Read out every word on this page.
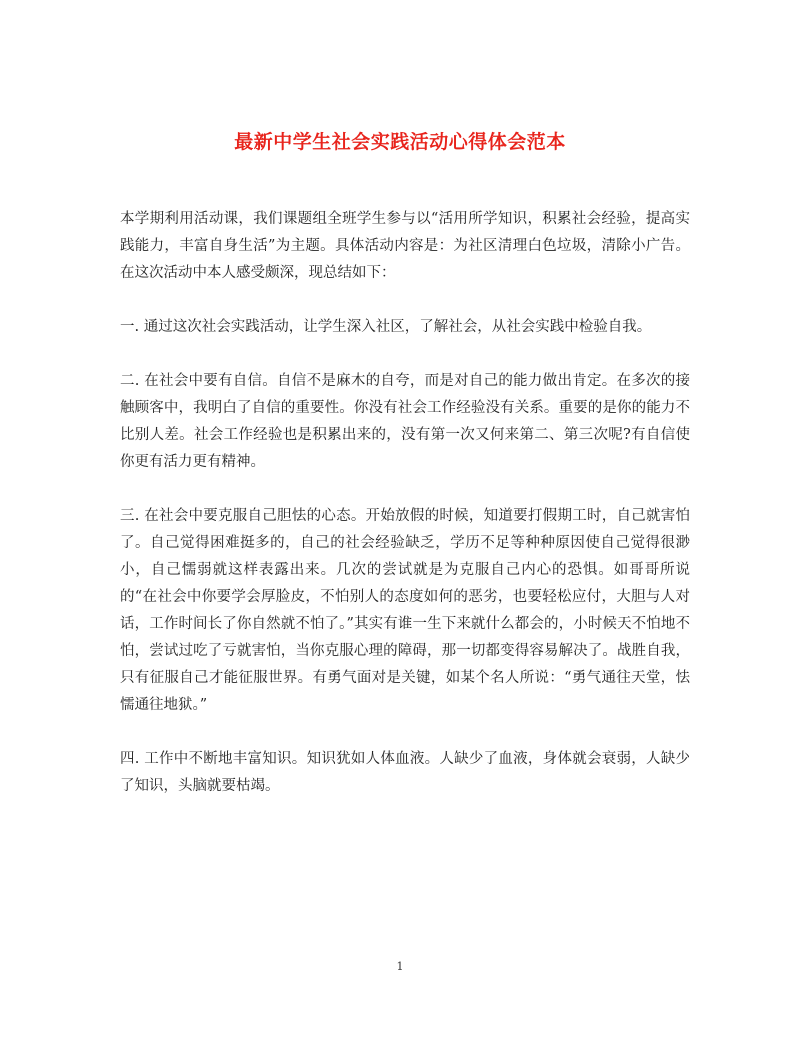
最新中学生社会实践活动心得体会范本

本学期利用活动课，我们课题组全班学生参与以“活用所学知识，积累社会经验，提高实践能力，丰富自身生活”为主题。具体活动内容是：为社区清理白色垃圾，清除小广告。在这次活动中本人感受颇深，现总结如下：

一. 通过这次社会实践活动，让学生深入社区，了解社会，从社会实践中检验自我。

二. 在社会中要有自信。自信不是麻木的自夸，而是对自己的能力做出肯定。在多次的接触顾客中，我明白了自信的重要性。你没有社会工作经验没有关系。重要的是你的能力不比别人差。社会工作经验也是积累出来的，没有第一次又何来第二、第三次呢?有自信使你更有活力更有精神。

三. 在社会中要克服自己胆怯的心态。开始放假的时候，知道要打假期工时，自己就害怕了。自己觉得困难挺多的，自己的社会经验缺乏，学历不足等种种原因使自己觉得很渺小，自己懦弱就这样表露出来。几次的尝试就是为克服自己内心的恐惧。如哥哥所说的“在社会中你要学会厚脸皮，不怕别人的态度如何的恶劣，也要轻松应付，大胆与人对话，工作时间长了你自然就不怕了。”其实有谁一生下来就什么都会的，小时候天不怕地不怕，尝试过吃了亏就害怕，当你克服心理的障碍，那一切都变得容易解决了。战胜自我，只有征服自己才能征服世界。有勇气面对是关键，如某个名人所说：“勇气通往天堂，怯懦通往地狱。”

四. 工作中不断地丰富知识。知识犹如人体血液。人缺少了血液，身体就会衰弱，人缺少了知识，头脑就要枯竭。

1
